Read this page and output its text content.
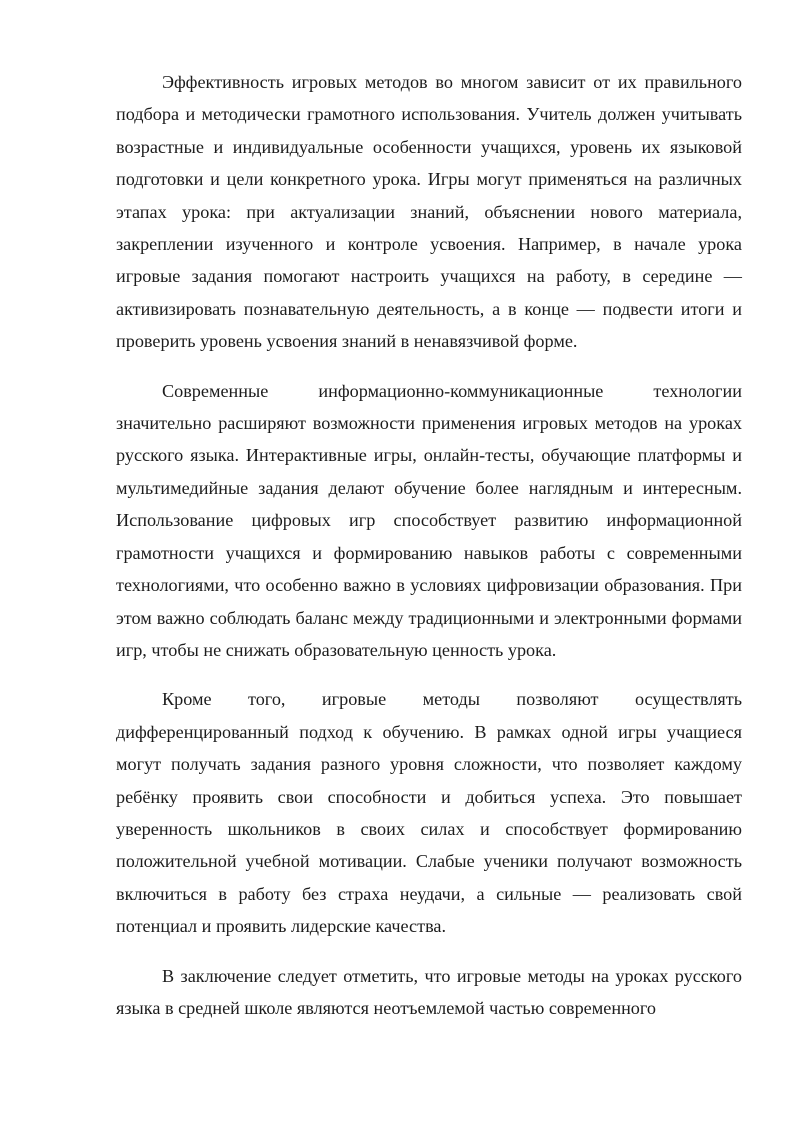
Эффективность игровых методов во многом зависит от их правильного подбора и методически грамотного использования. Учитель должен учитывать возрастные и индивидуальные особенности учащихся, уровень их языковой подготовки и цели конкретного урока. Игры могут применяться на различных этапах урока: при актуализации знаний, объяснении нового материала, закреплении изученного и контроле усвоения. Например, в начале урока игровые задания помогают настроить учащихся на работу, в середине — активизировать познавательную деятельность, а в конце — подвести итоги и проверить уровень усвоения знаний в ненавязчивой форме.

Современные информационно-коммуникационные технологии значительно расширяют возможности применения игровых методов на уроках русского языка. Интерактивные игры, онлайн-тесты, обучающие платформы и мультимедийные задания делают обучение более наглядным и интересным. Использование цифровых игр способствует развитию информационной грамотности учащихся и формированию навыков работы с современными технологиями, что особенно важно в условиях цифровизации образования. При этом важно соблюдать баланс между традиционными и электронными формами игр, чтобы не снижать образовательную ценность урока.

Кроме того, игровые методы позволяют осуществлять дифференцированный подход к обучению. В рамках одной игры учащиеся могут получать задания разного уровня сложности, что позволяет каждому ребёнку проявить свои способности и добиться успеха. Это повышает уверенность школьников в своих силах и способствует формированию положительной учебной мотивации. Слабые ученики получают возможность включиться в работу без страха неудачи, а сильные — реализовать свой потенциал и проявить лидерские качества.

В заключение следует отметить, что игровые методы на уроках русского языка в средней школе являются неотъемлемой частью современного
